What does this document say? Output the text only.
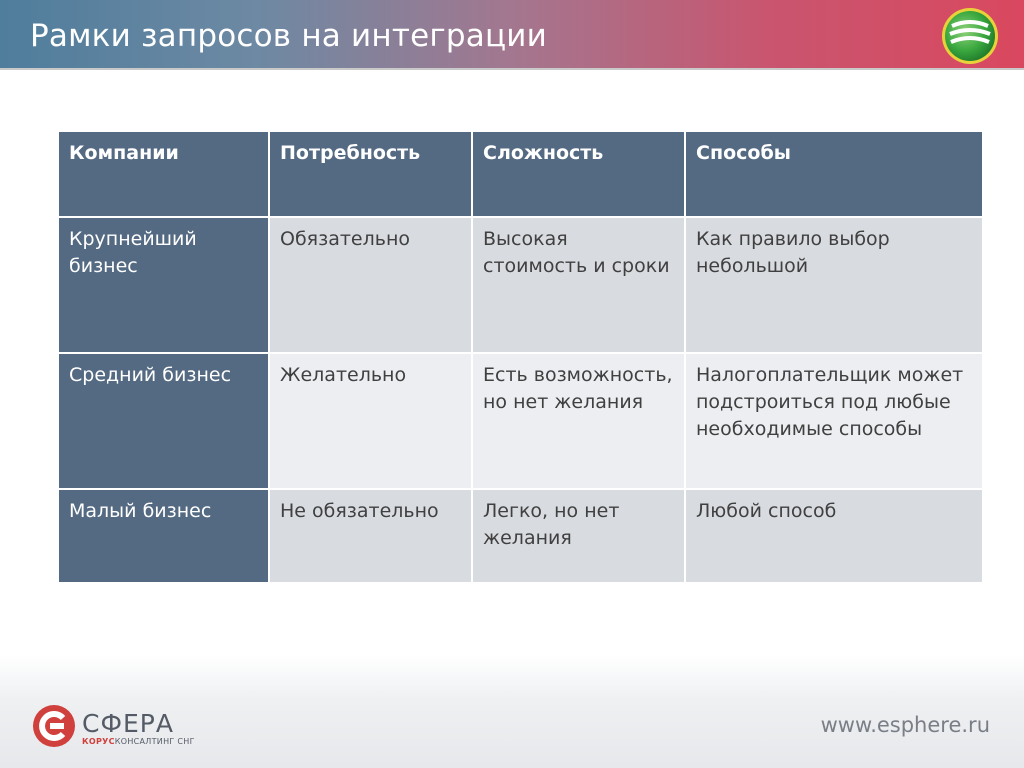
Рамки запросов на интеграции
Компании	Потребность	Сложность	Способы
Крупнейший бизнес	Обязательно	Высокая стоимость и сроки	Как правило выбор небольшой
Средний бизнес	Желательно	Есть возможность, но нет желания	Налогоплательщик может подстроиться под любые необходимые способы
Малый бизнес	Не обязательно	Легко, но нет желания	Любой способ
СФЕРА
КОРУСКОНСАЛТИНГ СНГ
www.esphere.ru
